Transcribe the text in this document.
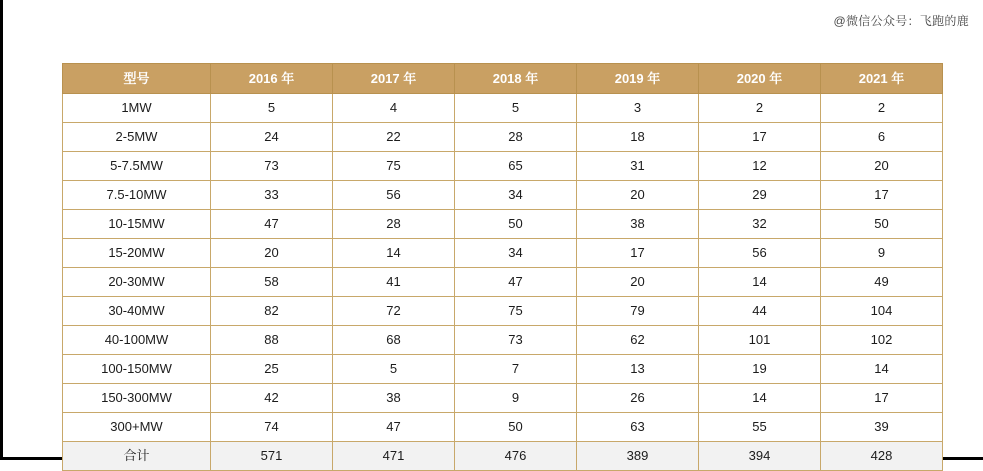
@微信公众号：飞跑的鹿
型号	2016 年	2017 年	2018 年	2019 年	2020 年	2021 年
1MW	5	4	5	3	2	2
2-5MW	24	22	28	18	17	6
5-7.5MW	73	75	65	31	12	20
7.5-10MW	33	56	34	20	29	17
10-15MW	47	28	50	38	32	50
15-20MW	20	14	34	17	56	9
20-30MW	58	41	47	20	14	49
30-40MW	82	72	75	79	44	104
40-100MW	88	68	73	62	101	102
100-150MW	25	5	7	13	19	14
150-300MW	42	38	9	26	14	17
300+MW	74	47	50	63	55	39
合计	571	471	476	389	394	428
